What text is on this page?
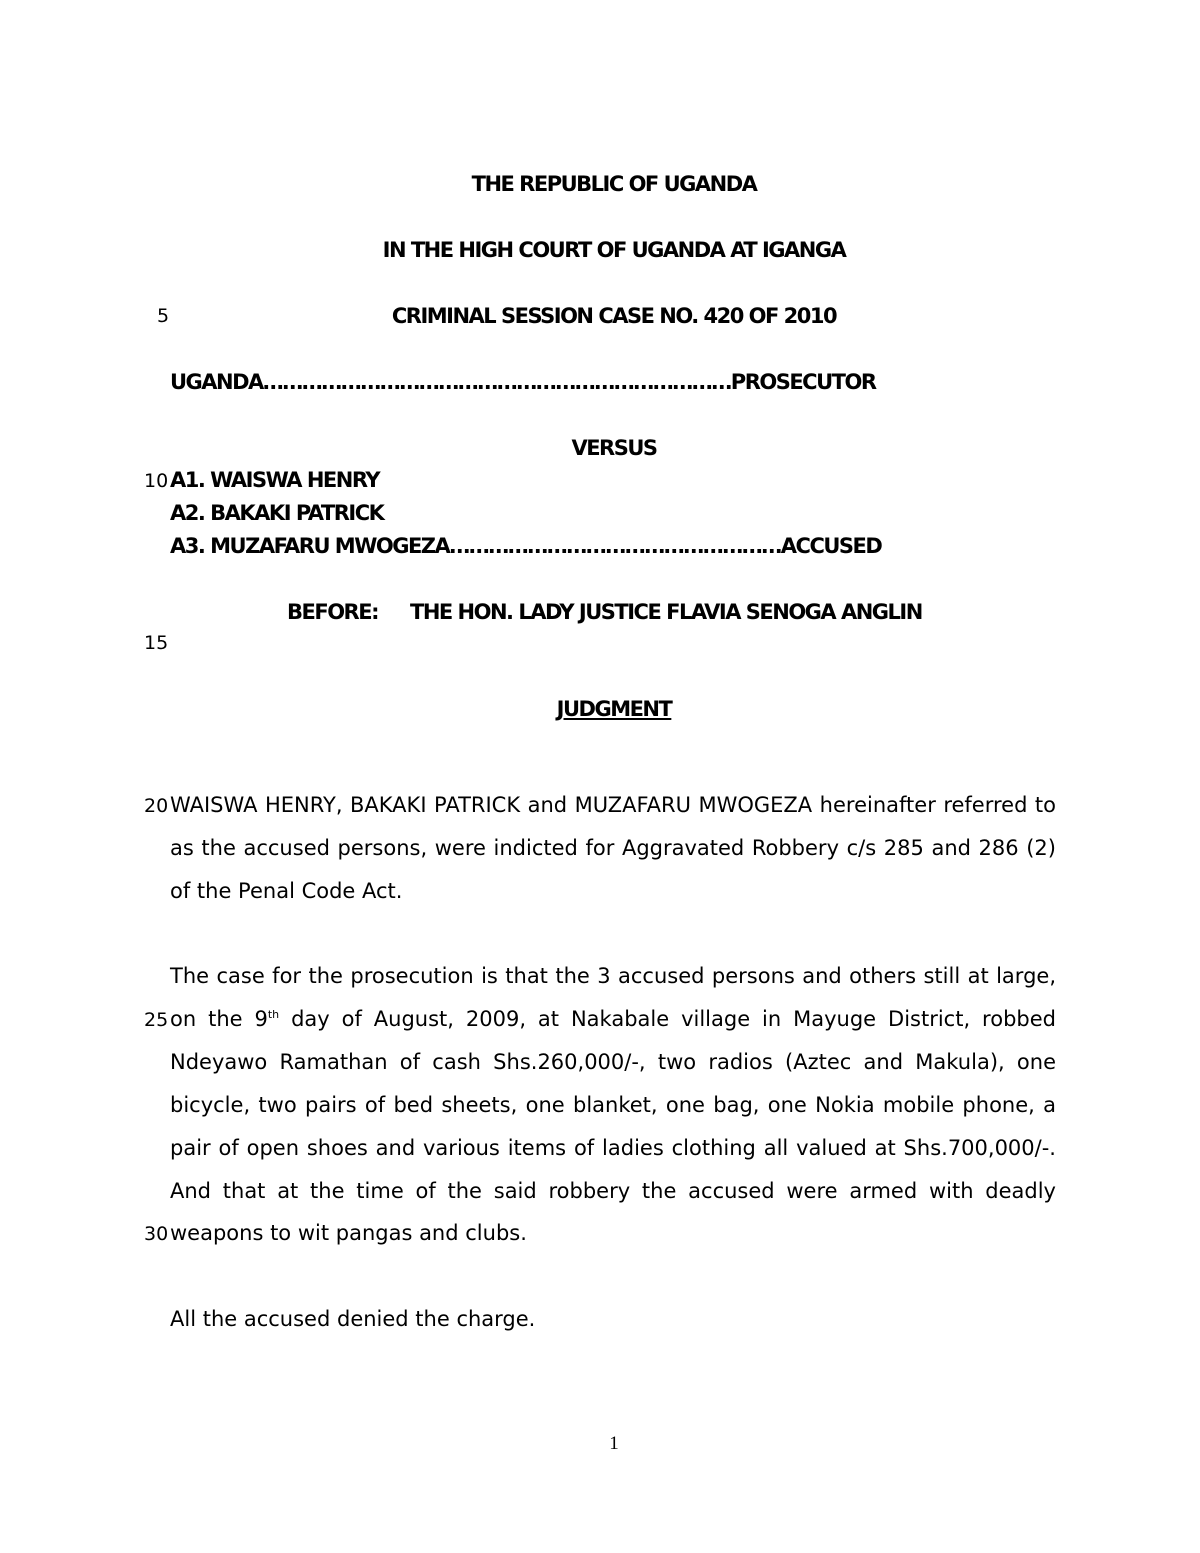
THE REPUBLIC OF UGANDA
IN THE HIGH COURT OF UGANDA AT IGANGA
CRIMINAL SESSION CASE NO. 420 OF 2010
5
10
15
20
25
30
UGANDA………………………………………………………………PROSECUTOR
VERSUS
A1. WAISWA HENRY
A2. BAKAKI PATRICK
A3. MUZAFARU MWOGEZA……………………………………………ACCUSED
BEFORE: THE HON. LADY JUSTICE FLAVIA SENOGA ANGLIN
JUDGMENT
WAISWA HENRY, BAKAKI PATRICK and MUZAFARU MWOGEZA hereinafter referred to
as the accused persons, were indicted for Aggravated Robbery c/s 285 and 286 (2)
of the Penal Code Act.
The case for the prosecution is that the 3 accused persons and others still at large,
on the 9th day of August, 2009, at Nakabale village in Mayuge District, robbed
Ndeyawo Ramathan of cash Shs.260,000/-, two radios (Aztec and Makula), one
bicycle, two pairs of bed sheets, one blanket, one bag, one Nokia mobile phone, a
pair of open shoes and various items of ladies clothing all valued at Shs.700,000/-.
And that at the time of the said robbery the accused were armed with deadly
weapons to wit pangas and clubs.
All the accused denied the charge.
1
